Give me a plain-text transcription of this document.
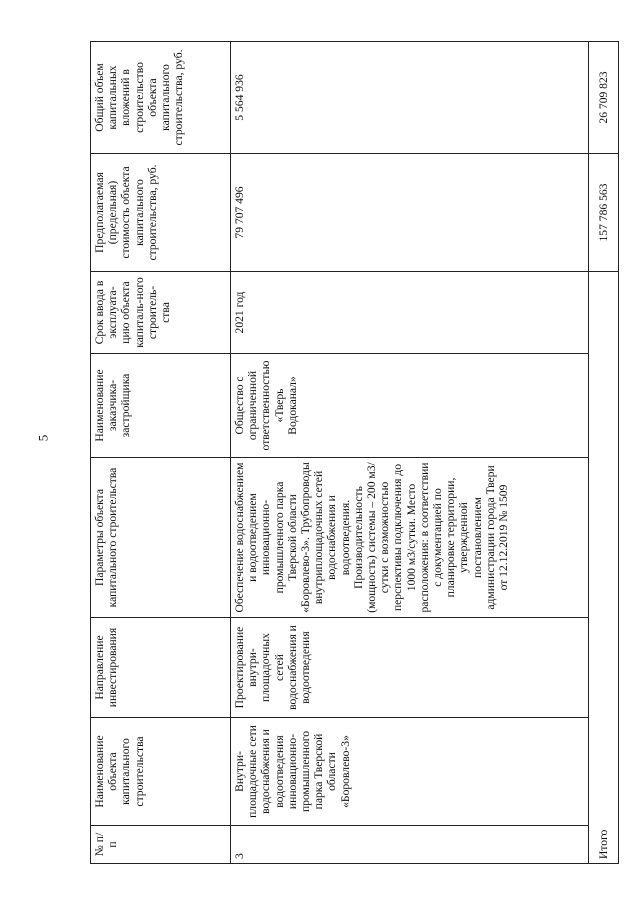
5
№ п/п	Наименование объекта капитального строительства	Направление инвестирования	Параметры объекта капитального строительства	Наименование заказчика-застройщика	Срок ввода в эксплуата-цию объекта капиталь-ного строитель-ства	Предполагаемая (предельная) стоимость объекта капитального строительства, руб.	Общий объем капитальных вложений в строительство объекта капитального строительства, руб.
3	Внутри-площадочные сети водоснабжения и водоотведения инновационно-промышленного парка Тверской области «Боровлево-3»	Проектирование внутри-площадочных сетей водоснабжения и водоотведения	Обеспечение водоснабжением и водоотведением инновационно-промышленного парка Тверской области «Боровлево-3». Трубопроводы внутриплощадочных сетей водоснабжения и водоотведения. Производительность (мощность) системы – 200 м3/сутки с возможностью перспективы подключения до 1000 м3/сутки. Место расположения: в соответствии с документацией по планировке территории, утвержденной постановлением администрации города Твери от 12.12.2019 № 1509	Общество с ограниченной ответственностью «Тверь Водоканал»	2021 год	79 707 496	5 564 936
Итого						157 786 563	26 709 823
